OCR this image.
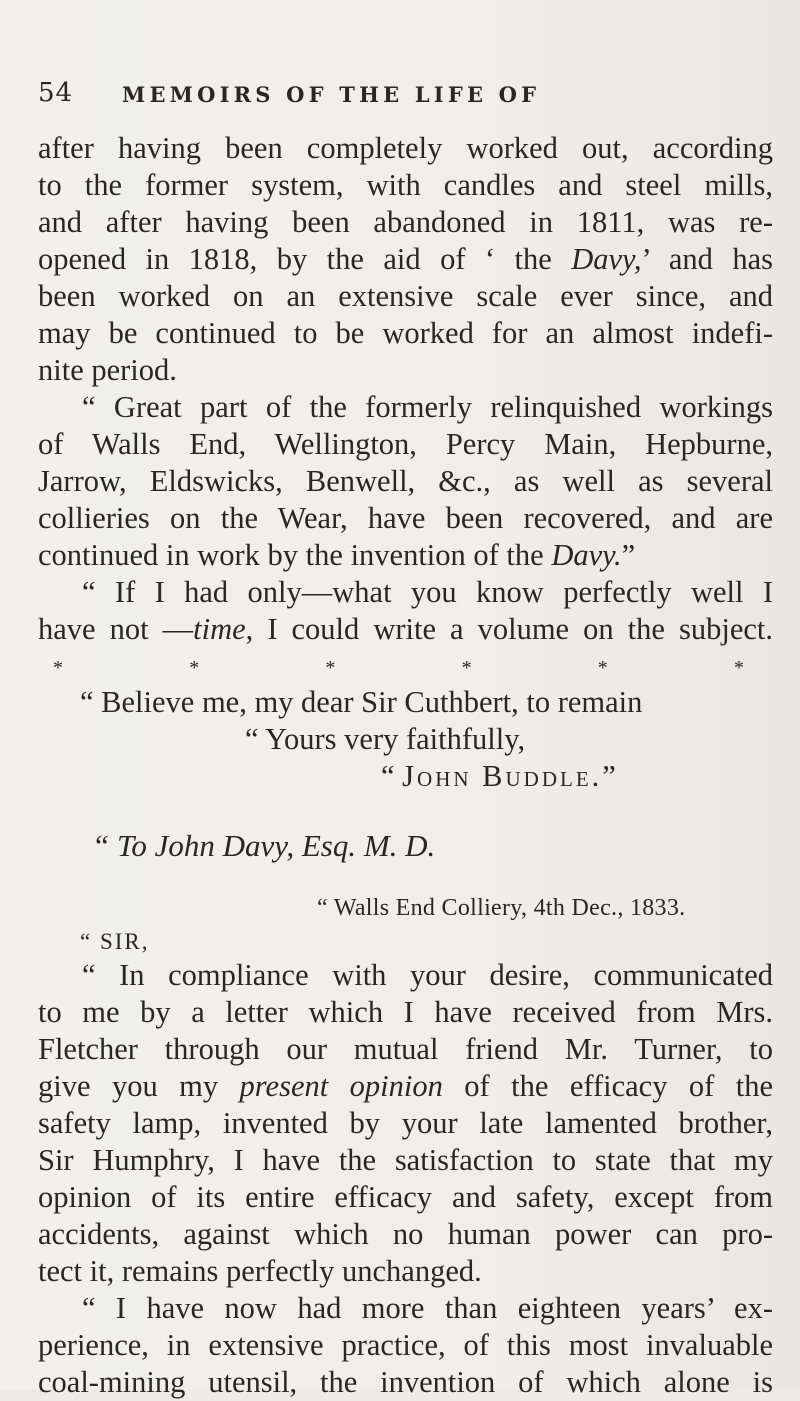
54 MEMOIRS OF THE LIFE OF
after having been completely worked out, according
to the former system, with candles and steel mills,
and after having been abandoned in 1811, was re-
opened in 1818, by the aid of ‘ the Davy,’ and has
been worked on an extensive scale ever since, and
may be continued to be worked for an almost indefi-
nite period.
“ Great part of the formerly relinquished workings
of Walls End, Wellington, Percy Main, Hepburne,
Jarrow, Eldswicks, Benwell, &c., as well as several
collieries on the Wear, have been recovered, and are
continued in work by the invention of the Davy.”
“ If I had only—what you know perfectly well I
have not —time, I could write a volume on the subject.
*	*	*	*	*	*
“ Believe me, my dear Sir Cuthbert, to remain
“ Yours very faithfully,
“ John Buddle.”
“ To John Davy, Esq. M. D.
“ Walls End Colliery, 4th Dec., 1833.
“ SIR,
“ In compliance with your desire, communicated
to me by a letter which I have received from Mrs.
Fletcher through our mutual friend Mr. Turner, to
give you my present opinion of the efficacy of the
safety lamp, invented by your late lamented brother,
Sir Humphry, I have the satisfaction to state that my
opinion of its entire efficacy and safety, except from
accidents, against which no human power can pro-
tect it, remains perfectly unchanged.
“ I have now had more than eighteen years’ ex-
perience, in extensive practice, of this most invaluable
coal-mining utensil, the invention of which alone is
